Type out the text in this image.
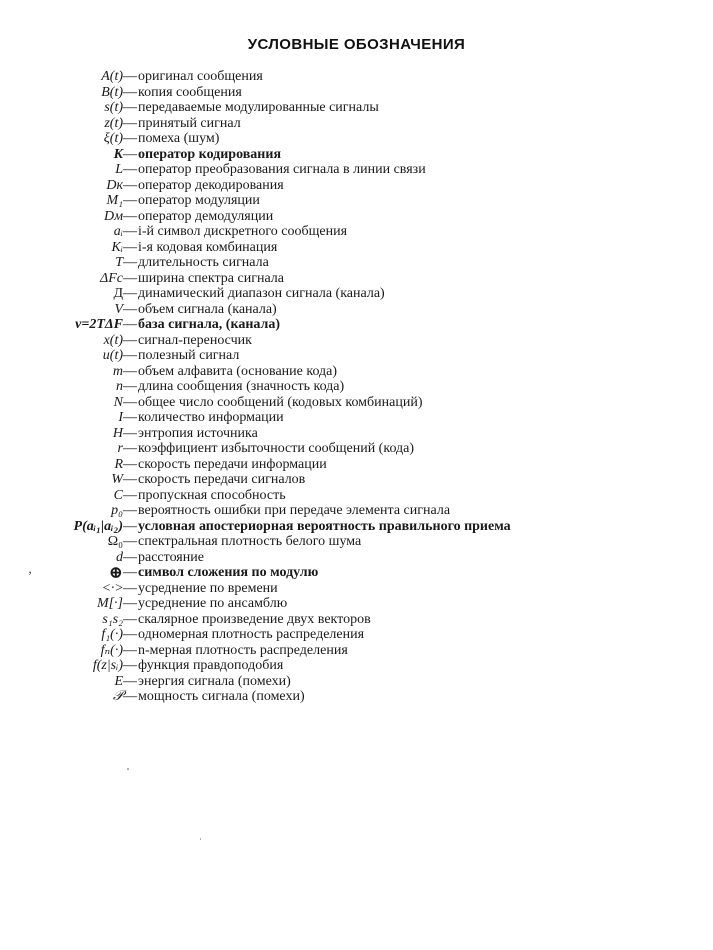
УСЛОВНЫЕ ОБОЗНАЧЕНИЯ
A(t) — оригинал сообщения
B(t) — копия сообщения
s(t) — передаваемые модулированные сигналы
z(t) — принятый сигнал
ξ(t) — помеха (шум)
K — оператор кодирования
L — оператор преобразования сигнала в линии связи
Dк — оператор декодирования
M₁ — оператор модуляции
Dм — оператор демодуляции
aᵢ — i-й символ дискретного сообщения
Kᵢ — i-я кодовая комбинация
T — длительность сигнала
ΔFc — ширина спектра сигнала
Д — динамический диапазон сигнала (канала)
V — объем сигнала (канала)
v=2TΔF — база сигнала, (канала)
x(t) — сигнал-переносчик
u(t) — полезный сигнал
m — объем алфавита (основание кода)
n — длина сообщения (значность кода)
N — общее число сообщений (кодовых комбинаций)
I — количество информации
H — энтропия источника
r — коэффициент избыточности сообщений (кода)
R — скорость передачи информации
W — скорость передачи сигналов
C — пропускная способность
p₀ — вероятность ошибки при передаче элемента сигнала
P(aᵢ₁|aᵢ₂) — условная апостериорная вероятность правильного приема
Ω₀ — спектральная плотность белого шума
d — расстояние
⊕ — символ сложения по модулю
<·> — усреднение по времени
M[·] — усреднение по ансамблю
s₁s₂ — скалярное произведение двух векторов
f₁(·) — одномерная плотность распределения
fₙ(·) — n-мерная плотность распределения
f(z|sᵢ) — функция правдоподобия
E — энергия сигнала (помехи)
𝒫 — мощность сигнала (помехи)
ʼ
